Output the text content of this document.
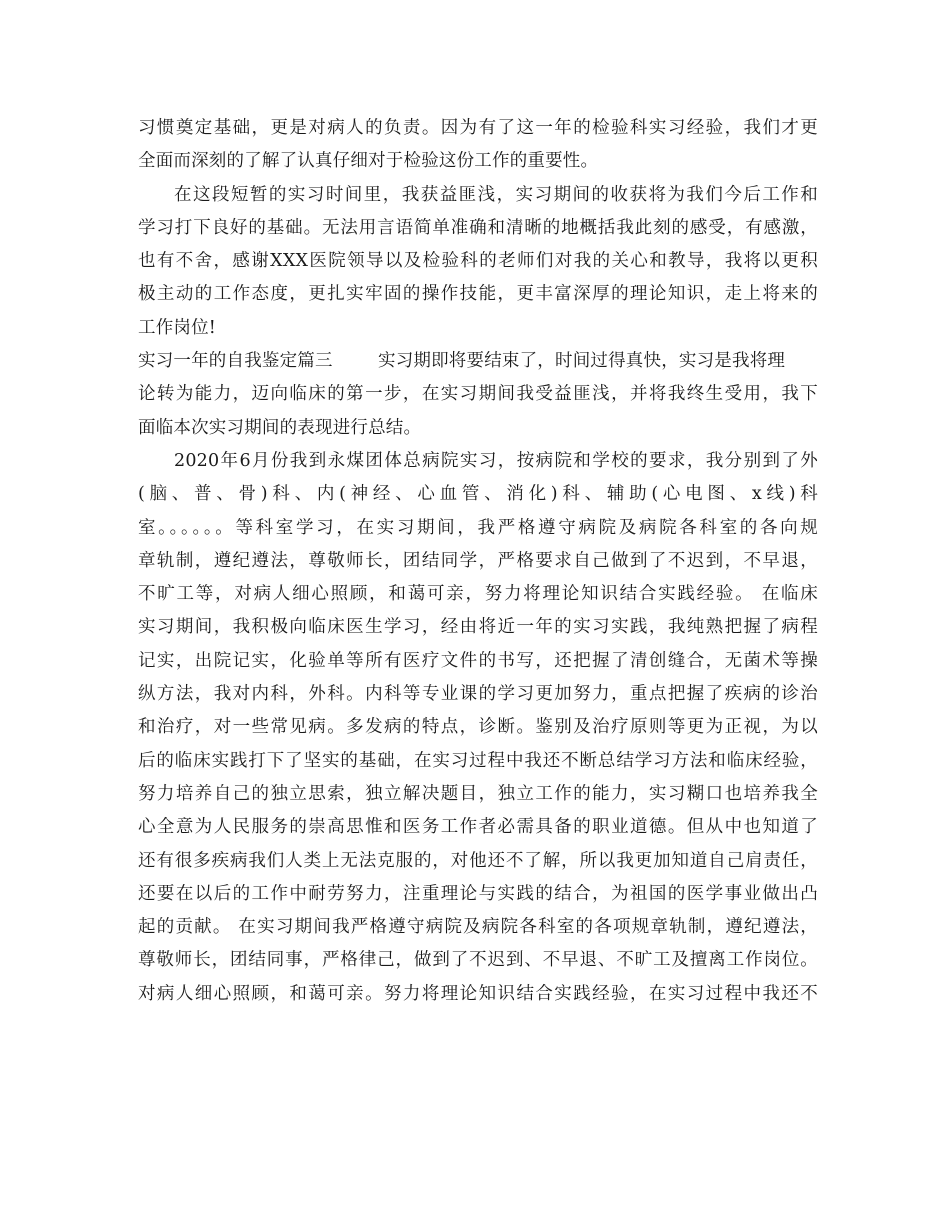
习惯奠定基础，更是对病人的负责。因为有了这一年的检验科实习经验，我们才更
全面而深刻的了解了认真仔细对于检验这份工作的重要性。
在这段短暂的实习时间里，我获益匪浅，实习期间的收获将为我们今后工作和
学习打下良好的基础。无法用言语简单准确和清晰的地概括我此刻的感受，有感激，
也有不舍，感谢XXX医院领导以及检验科的老师们对我的关心和教导，我将以更积
极主动的工作态度，更扎实牢固的操作技能，更丰富深厚的理论知识，走上将来的
工作岗位!
实习一年的自我鉴定篇三	实习期即将要结束了，时间过得真快，实习是我将理
论转为能力，迈向临床的第一步，在实习期间我受益匪浅，并将我终生受用，我下
面临本次实习期间的表现进行总结。
2020年6月份我到永煤团体总病院实习，按病院和学校的要求，我分别到了外
(脑、普、骨)科、内(神经、心血管、消化)科、辅助(心电图、x线)科
室。。。。。。等科室学习，在实习期间，我严格遵守病院及病院各科室的各向规
章轨制，遵纪遵法，尊敬师长，团结同学，严格要求自己做到了不迟到，不早退，
不旷工等，对病人细心照顾，和蔼可亲，努力将理论知识结合实践经验。 在临床
实习期间，我积极向临床医生学习，经由将近一年的实习实践，我纯熟把握了病程
记实，出院记实，化验单等所有医疗文件的书写，还把握了清创缝合，无菌术等操
纵方法，我对内科，外科。内科等专业课的学习更加努力，重点把握了疾病的诊治
和治疗，对一些常见病。多发病的特点，诊断。鉴别及治疗原则等更为正视，为以
后的临床实践打下了坚实的基础，在实习过程中我还不断总结学习方法和临床经验，
努力培养自己的独立思索，独立解决题目，独立工作的能力，实习糊口也培养我全
心全意为人民服务的崇高思惟和医务工作者必需具备的职业道德。但从中也知道了
还有很多疾病我们人类上无法克服的，对他还不了解，所以我更加知道自己肩责任，
还要在以后的工作中耐劳努力，注重理论与实践的结合，为祖国的医学事业做出凸
起的贡献。 在实习期间我严格遵守病院及病院各科室的各项规章轨制，遵纪遵法，
尊敬师长，团结同事，严格律己，做到了不迟到、不早退、不旷工及擅离工作岗位。
对病人细心照顾，和蔼可亲。努力将理论知识结合实践经验，在实习过程中我还不
